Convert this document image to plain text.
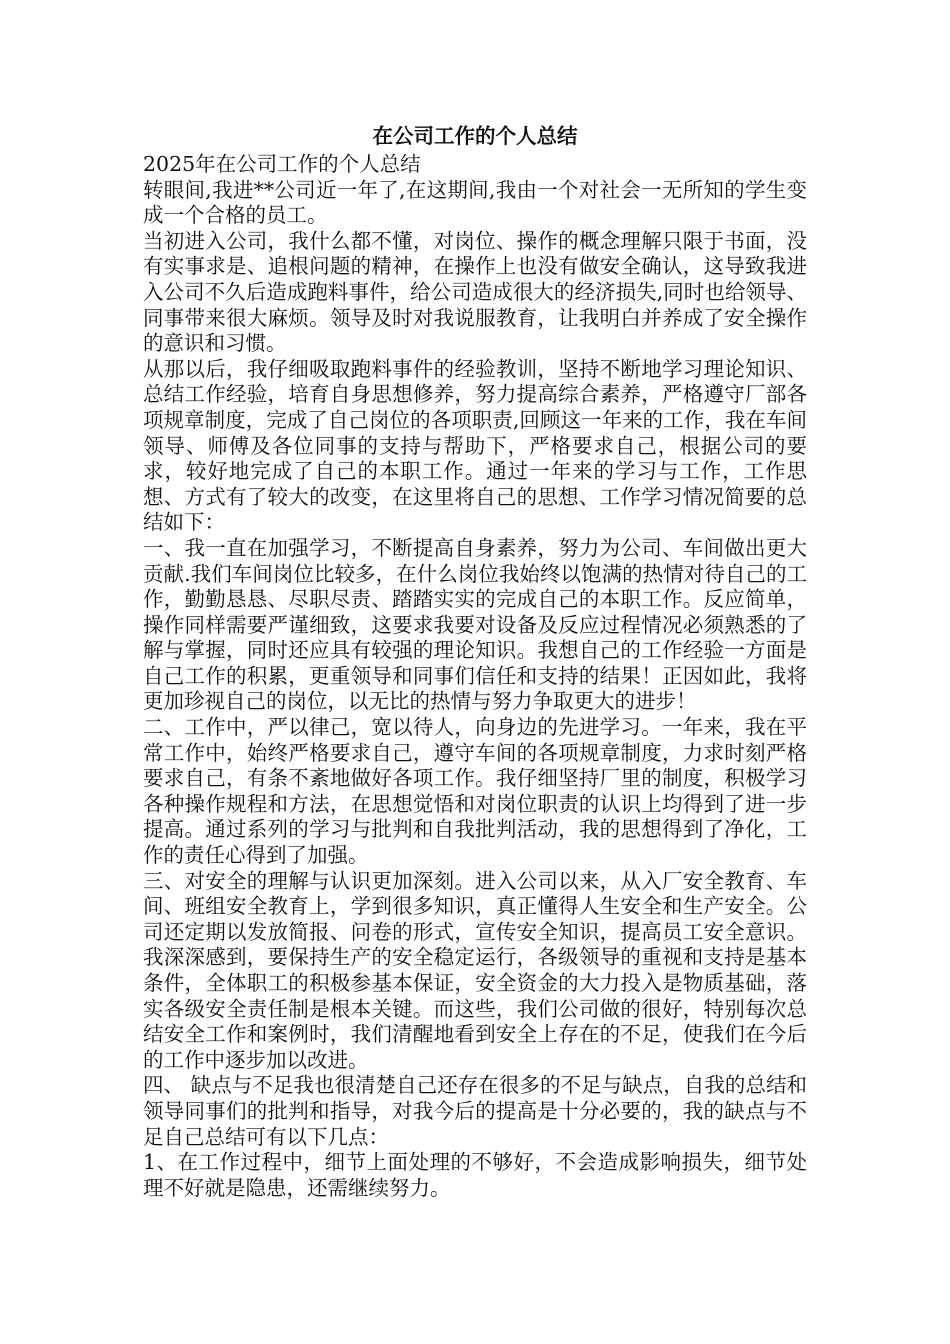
在公司工作的个人总结

2025年在公司工作的个人总结

转眼间,我进**公司近一年了,在这期间,我由一个对社会一无所知的学生变成一个合格的员工。

当初进入公司，我什么都不懂，对岗位、操作的概念理解只限于书面，没有实事求是、追根问题的精神，在操作上也没有做安全确认，这导致我进入公司不久后造成跑料事件，给公司造成很大的经济损失,同时也给领导、同事带来很大麻烦。领导及时对我说服教育，让我明白并养成了安全操作的意识和习惯。

从那以后，我仔细吸取跑料事件的经验教训，坚持不断地学习理论知识、总结工作经验，培育自身思想修养，努力提高综合素养，严格遵守厂部各项规章制度，完成了自己岗位的各项职责,回顾这一年来的工作，我在车间领导、师傅及各位同事的支持与帮助下，严格要求自己，根据公司的要求，较好地完成了自己的本职工作。通过一年来的学习与工作，工作思想、方式有了较大的改变，在这里将自己的思想、工作学习情况简要的总结如下：

一、我一直在加强学习，不断提高自身素养，努力为公司、车间做出更大贡献.我们车间岗位比较多，在什么岗位我始终以饱满的热情对待自己的工作，勤勤恳恳、尽职尽责、踏踏实实的完成自己的本职工作。反应简单，操作同样需要严谨细致，这要求我要对设备及反应过程情况必须熟悉的了解与掌握，同时还应具有较强的理论知识。我想自己的工作经验一方面是自己工作的积累，更重领导和同事们信任和支持的结果！正因如此，我将更加珍视自己的岗位，以无比的热情与努力争取更大的进步！

二、工作中，严以律己，宽以待人，向身边的先进学习。一年来，我在平常工作中，始终严格要求自己，遵守车间的各项规章制度，力求时刻严格要求自己，有条不紊地做好各项工作。我仔细坚持厂里的制度，积极学习各种操作规程和方法，在思想觉悟和对岗位职责的认识上均得到了进一步提高。通过系列的学习与批判和自我批判活动，我的思想得到了净化，工作的责任心得到了加强。

三、对安全的理解与认识更加深刻。进入公司以来，从入厂安全教育、车间、班组安全教育上，学到很多知识，真正懂得人生安全和生产安全。公司还定期以发放简报、问卷的形式，宣传安全知识，提高员工安全意识。我深深感到，要保持生产的安全稳定运行，各级领导的重视和支持是基本条件，全体职工的积极参基本保证，安全资金的大力投入是物质基础，落实各级安全责任制是根本关键。而这些，我们公司做的很好，特别每次总结安全工作和案例时，我们清醒地看到安全上存在的不足，使我们在今后的工作中逐步加以改进。

四、 缺点与不足我也很清楚自己还存在很多的不足与缺点，自我的总结和领导同事们的批判和指导，对我今后的提高是十分必要的，我的缺点与不足自己总结可有以下几点：

1、在工作过程中，细节上面处理的不够好，不会造成影响损失，细节处理不好就是隐患，还需继续努力。
